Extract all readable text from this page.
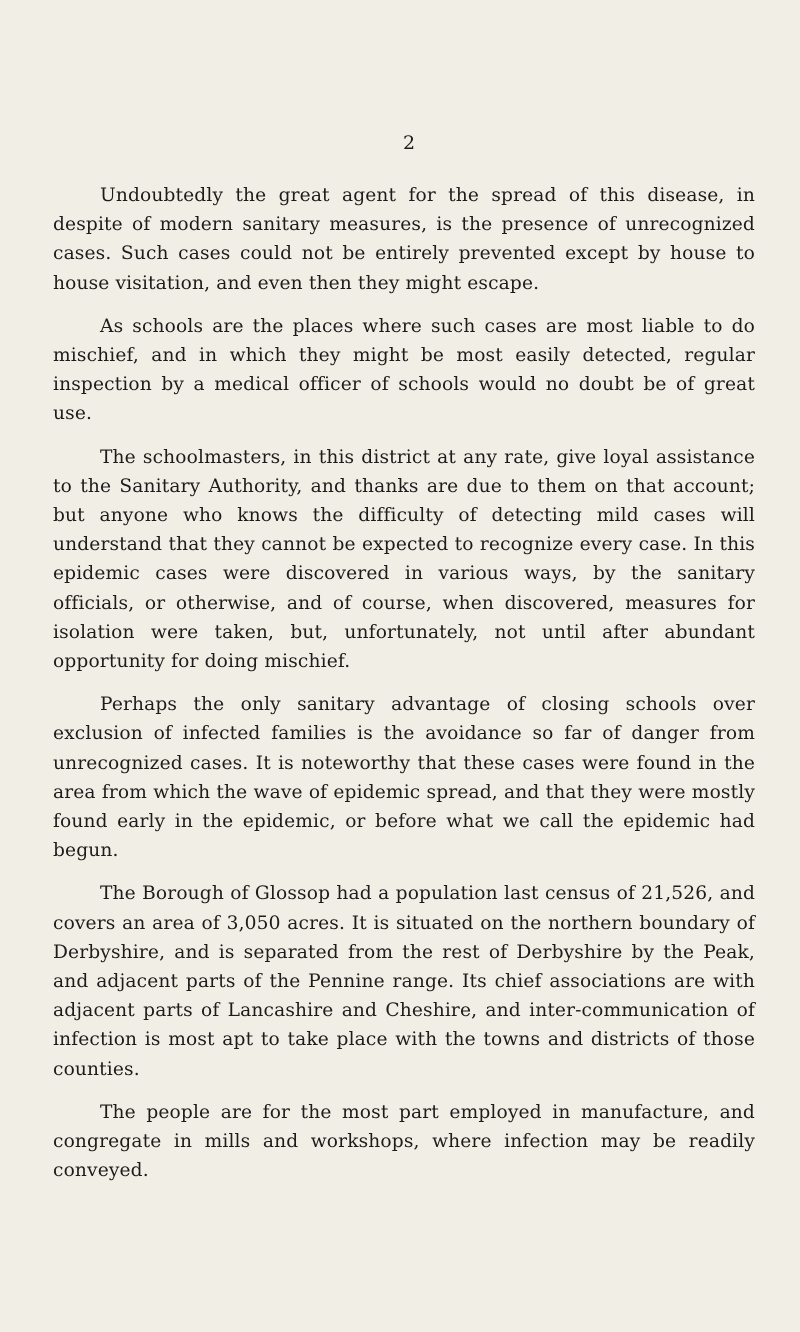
2

Undoubtedly the great agent for the spread of this disease, in despite of modern sanitary measures, is the presence of unrecognized cases. Such cases could not be entirely prevented except by house to house visitation, and even then they might escape.

As schools are the places where such cases are most liable to do mischief, and in which they might be most easily detected, regular inspection by a medical officer of schools would no doubt be of great use.

The schoolmasters, in this district at any rate, give loyal assistance to the Sanitary Authority, and thanks are due to them on that account; but anyone who knows the difficulty of detecting mild cases will understand that they cannot be expected to recognize every case. In this epidemic cases were discovered in various ways, by the sanitary officials, or otherwise, and of course, when discovered, measures for isolation were taken, but, unfortunately, not until after abundant opportunity for doing mischief.

Perhaps the only sanitary advantage of closing schools over exclusion of infected families is the avoidance so far of danger from unrecognized cases. It is noteworthy that these cases were found in the area from which the wave of epidemic spread, and that they were mostly found early in the epidemic, or before what we call the epidemic had begun.

The Borough of Glossop had a population last census of 21,526, and covers an area of 3,050 acres. It is situated on the northern boundary of Derbyshire, and is separated from the rest of Derbyshire by the Peak, and adjacent parts of the Pennine range. Its chief associations are with adjacent parts of Lancashire and Cheshire, and inter-communication of infection is most apt to take place with the towns and districts of those counties.

The people are for the most part employed in manufacture, and congregate in mills and workshops, where infection may be readily conveyed.
